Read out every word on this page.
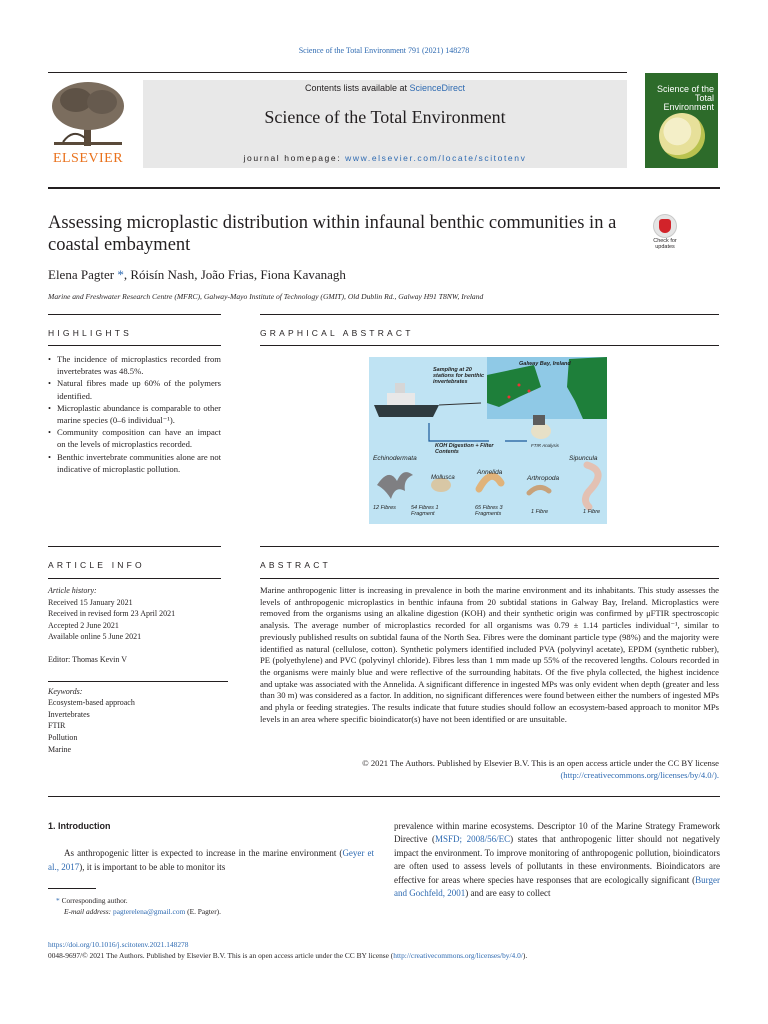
Science of the Total Environment 791 (2021) 148278
ELSEVIER
Contents lists available at ScienceDirect
Science of the Total Environment
journal homepage: www.elsevier.com/locate/scitotenv
Science of the Total Environment
Assessing microplastic distribution within infaunal benthic communities in a coastal embayment	Check for updates
Elena Pagter *, Róisín Nash, João Frias, Fiona Kavanagh
Marine and Freshwater Research Centre (MFRC), Galway-Mayo Institute of Technology (GMIT), Old Dublin Rd., Galway H91 T8NW, Ireland
HIGHLIGHTS	GRAPHICAL ABSTRACT
• The incidence of microplastics recorded from invertebrates was 48.5%.
• Natural fibres made up 60% of the polymers identified.
• Microplastic abundance is comparable to other marine species (0–6 individual⁻¹).
• Community composition can have an impact on the levels of microplastics recorded.
• Benthic invertebrate communities alone are not indicative of microplastic pollution.
Sampling at 20 stations for benthic invertebrates
Galway Bay, Ireland
KOH Digestion + Filter Contents
FTIR Analysis
Echinodermata
Mollusca
Annelida
Arthropoda
Sipuncula
12 Fibres	54 Fibres 1 Fragment
65 Fibres 3 Fragments	1 Fibre	1 Fibre
ARTICLE INFO	ABSTRACT
Article history:
Received 15 January 2021
Received in revised form 23 April 2021
Accepted 2 June 2021
Available online 5 June 2021
Editor: Thomas Kevin V
Keywords:
Ecosystem-based approach
Invertebrates
FTIR
Pollution
Marine
Marine anthropogenic litter is increasing in prevalence in both the marine environment and its inhabitants. This study assesses the levels of anthropogenic microplastics in benthic infauna from 20 subtidal stations in Galway Bay, Ireland. Microplastics were removed from the organisms using an alkaline digestion (KOH) and their synthetic origin was confirmed by μFTIR spectroscopic analysis. The average number of microplastics recorded for all organisms was 0.79 ± 1.14 particles individual⁻¹, similar to previously published results on subtidal fauna of the North Sea. Fibres were the dominant particle type (98%) and the majority were identified as natural (cellulose, cotton). Synthetic polymers identified included PVA (polyvinyl acetate), EPDM (synthetic rubber), PE (polyethylene) and PVC (polyvinyl chloride). Fibres less than 1 mm made up 55% of the recovered lengths. Colours recorded in the organisms were mainly blue and were reflective of the surrounding habitats. Of the five phyla collected, the highest incidence and uptake was associated with the Annelida. A significant difference in ingested MPs was only evident when depth (greater and less than 30 m) was considered as a factor. In addition, no significant differences were found between either the numbers of ingested MPs and phyla or feeding strategies. The results indicate that future studies should follow an ecosystem-based approach to monitor MPs levels in an area where specific bioindicator(s) have not been identified or are unsuitable.
© 2021 The Authors. Published by Elsevier B.V. This is an open access article under the CC BY license
(http://creativecommons.org/licenses/by/4.0/).
1. Introduction
As anthropogenic litter is expected to increase in the marine environment (Geyer et al., 2017), it is important to be able to monitor its
* Corresponding author.
E-mail address: pagterelena@gmail.com (E. Pagter).
prevalence within marine ecosystems. Descriptor 10 of the Marine Strategy Framework Directive (MSFD; 2008/56/EC) states that anthropogenic litter should not negatively impact the environment. To improve monitoring of anthropogenic pollution, bioindicators are often used to assess levels of pollutants in these environments. Bioindicators are effective for areas where species have responses that are ecologically significant (Burger and Gochfeld, 2001) and are easy to collect
https://doi.org/10.1016/j.scitotenv.2021.148278
0048-9697/© 2021 The Authors. Published by Elsevier B.V. This is an open access article under the CC BY license (http://creativecommons.org/licenses/by/4.0/).
